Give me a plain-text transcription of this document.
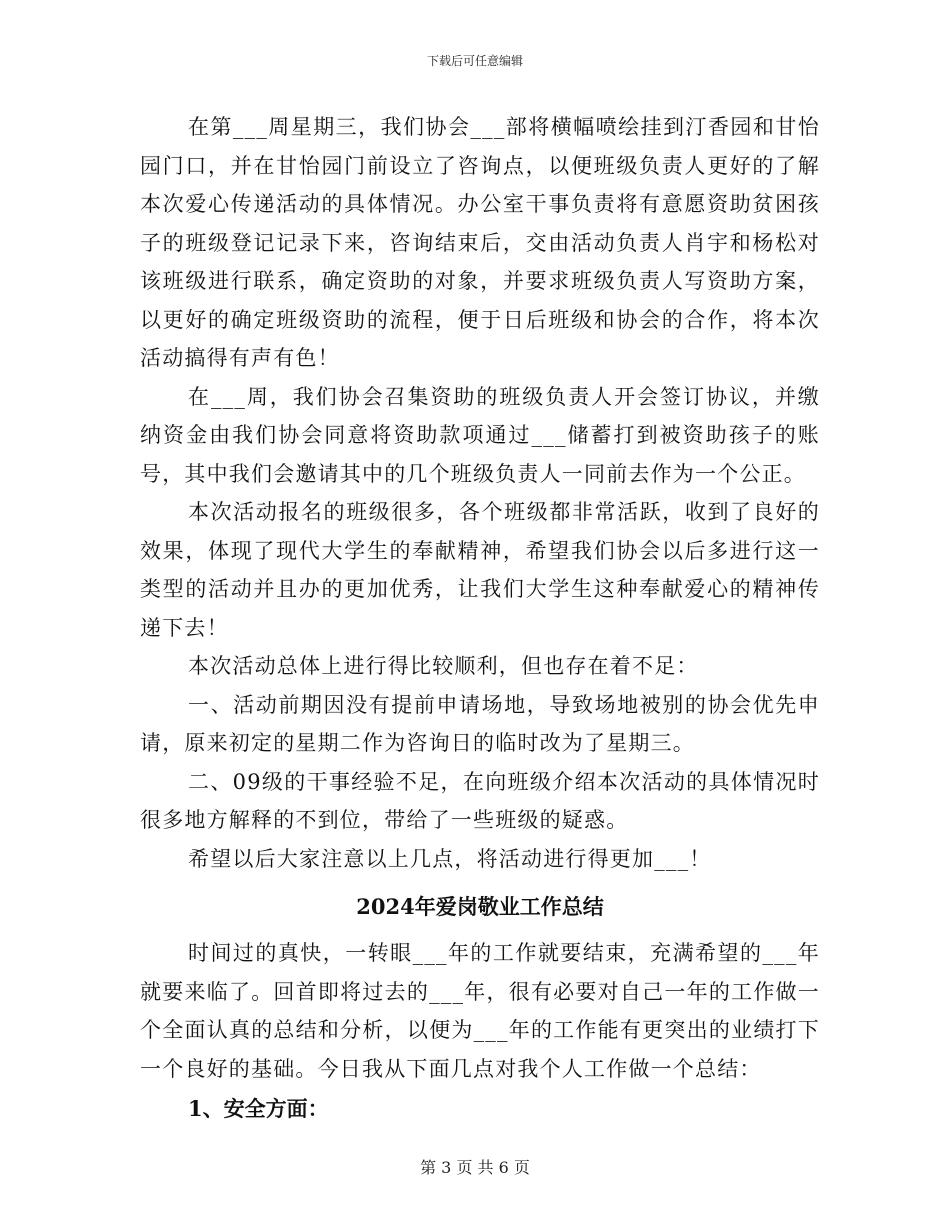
下载后可任意编辑

在第___周星期三，我们协会___部将横幅喷绘挂到汀香园和甘怡园门口，并在甘怡园门前设立了咨询点，以便班级负责人更好的了解本次爱心传递活动的具体情况。办公室干事负责将有意愿资助贫困孩子的班级登记记录下来，咨询结束后，交由活动负责人肖宇和杨松对该班级进行联系，确定资助的对象，并要求班级负责人写资助方案，以更好的确定班级资助的流程，便于日后班级和协会的合作，将本次活动搞得有声有色！

在___周，我们协会召集资助的班级负责人开会签订协议，并缴纳资金由我们协会同意将资助款项通过___储蓄打到被资助孩子的账号，其中我们会邀请其中的几个班级负责人一同前去作为一个公正。

本次活动报名的班级很多，各个班级都非常活跃，收到了良好的效果，体现了现代大学生的奉献精神，希望我们协会以后多进行这一类型的活动并且办的更加优秀，让我们大学生这种奉献爱心的精神传递下去！

本次活动总体上进行得比较顺利，但也存在着不足：

一、活动前期因没有提前申请场地，导致场地被别的协会优先申请，原来初定的星期二作为咨询日的临时改为了星期三。

二、09级的干事经验不足，在向班级介绍本次活动的具体情况时很多地方解释的不到位，带给了一些班级的疑惑。

希望以后大家注意以上几点，将活动进行得更加___！

2024年爱岗敬业工作总结

时间过的真快，一转眼___年的工作就要结束，充满希望的___年就要来临了。回首即将过去的___年，很有必要对自己一年的工作做一个全面认真的总结和分析，以便为___年的工作能有更突出的业绩打下一个良好的基础。今日我从下面几点对我个人工作做一个总结：

1、安全方面：

第 3 页 共 6 页
